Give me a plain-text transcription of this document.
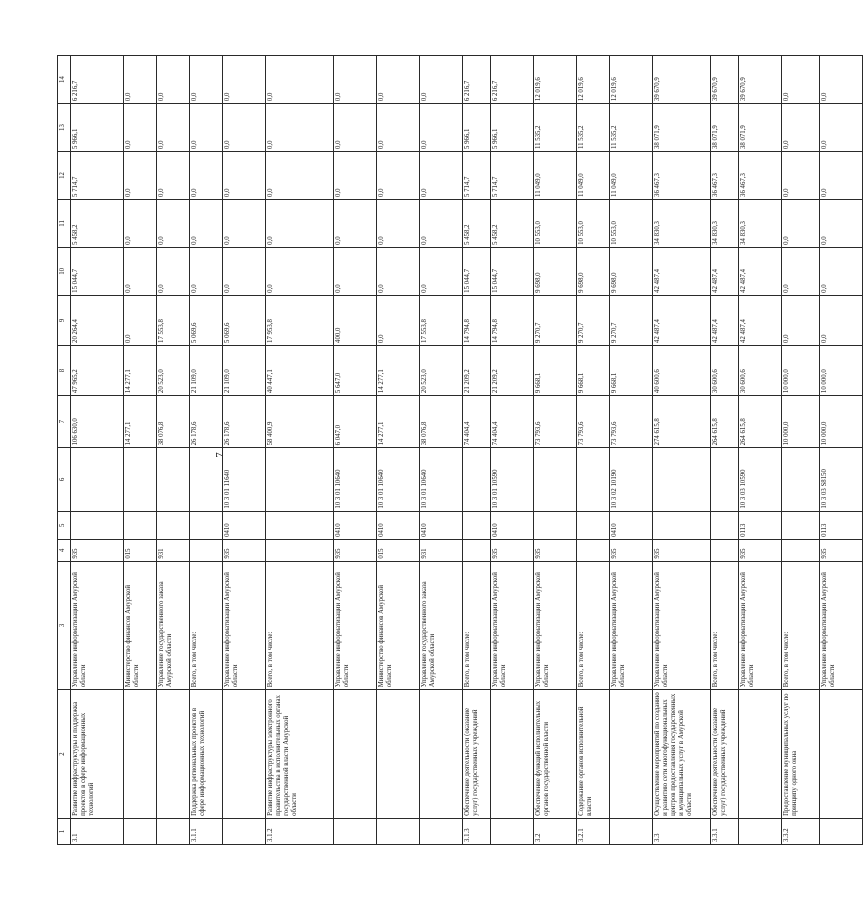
7
1	2	3	4	5	6	7	8	9	10	11	12	13	14
3.1	Развитие инфраструктуры и поддержка проектов в сфере информационных технологий	Управление информатизации Амурской области	935			106 630,0	47 965,2	20 264,4	15 044,7	5 458,2	5 714,7	5 966,1	6 216,7
		Министерство финансов Амурской области	015			14 277,1	14 277,1	0,0	0,0	0,0	0,0	0,0	0,0
		Управление государственного заказа Амурской области	931			38 076,8	20 523,0	17 553,8	0,0	0,0	0,0	0,0	0,0
3.1.1	Поддержка региональных проектов в сфере информационных технологий	Всего, в том числе:				26 178,6	21 109,0	5 069,6	0,0	0,0	0,0	0,0	0,0
		Управление информатизации Амурской области	935	0410	10 3 01 11640	26 178,6	21 109,0	5 069,6	0,0	0,0	0,0	0,0	0,0
3.1.2	Развитие инфраструктуры электронного правительства в исполнительных органах государственной власти Амурской области	Всего, в том числе:				58 400,9	40 447,1	17 953,8	0,0	0,0	0,0	0,0	0,0
		Управление информатизации Амурской области	935	0410	10 3 01 10640	6 047,0	5 647,0	400,0	0,0	0,0	0,0	0,0	0,0
		Министерство финансов Амурской области	015	0410	10 3 01 10640	14 277,1	14 277,1	0,0	0,0	0,0	0,0	0,0	0,0
		Управление государственного заказа Амурской области	931	0410	10 3 01 10640	38 076,8	20 523,0	17 553,8	0,0	0,0	0,0	0,0	0,0
3.1.3	Обеспечение деятельности (оказание услуг) государственных учреждений	Всего, в том числе:				74 404,4	21 209,2	14 794,8	15 044,7	5 458,2	5 714,7	5 966,1	6 216,7
		Управление информатизации Амурской области	935	0410	10 3 01 10590	74 404,4	21 209,2	14 794,8	15 044,7	5 458,2	5 714,7	5 966,1	6 216,7
3.2	Обеспечение функций исполнительных органов государственной власти	Управление информатизации Амурской области	935			73 793,6	9 668,1	9 270,7	9 698,0	10 553,0	11 049,0	11 535,2	12 019,6
3.2.1	Содержание органов исполнительной власти	Всего, в том числе:				73 793,6	9 668,1	9 270,7	9 698,0	10 553,0	11 049,0	11 535,2	12 019,6
		Управление информатизации Амурской области	935	0410	10 3 02 10190	73 793,6	9 668,1	9 270,7	9 698,0	10 553,0	11 049,0	11 535,2	12 019,6
3.3	Осуществление мероприятий по созданию и развитию сети многофункциональных центров предоставления государственных и муниципальных услуг в Амурской области	Управление информатизации Амурской области	935			274 615,8	40 600,6	42 487,4	42 487,4	34 830,3	36 467,3	38 071,9	39 670,9
3.3.1	Обеспечение деятельности (оказание услуг) государственных учреждений	Всего, в том числе:				264 615,8	30 600,6	42 487,4	42 487,4	34 830,3	36 467,3	38 071,9	39 670,9
		Управление информатизации Амурской области	935	0113	10 3 03 10590	264 615,8	30 600,6	42 487,4	42 487,4	34 830,3	36 467,3	38 071,9	39 670,9
3.3.2	Предоставление муниципальных услуг по принципу одного окна	Всего, в том числе:				10 000,0	10 000,0	0,0	0,0	0,0	0,0	0,0	0,0
		Управление информатизации Амурской области	935	0113	10 3 03 S8150	10 000,0	10 000,0	0,0	0,0	0,0	0,0	0,0	0,0
